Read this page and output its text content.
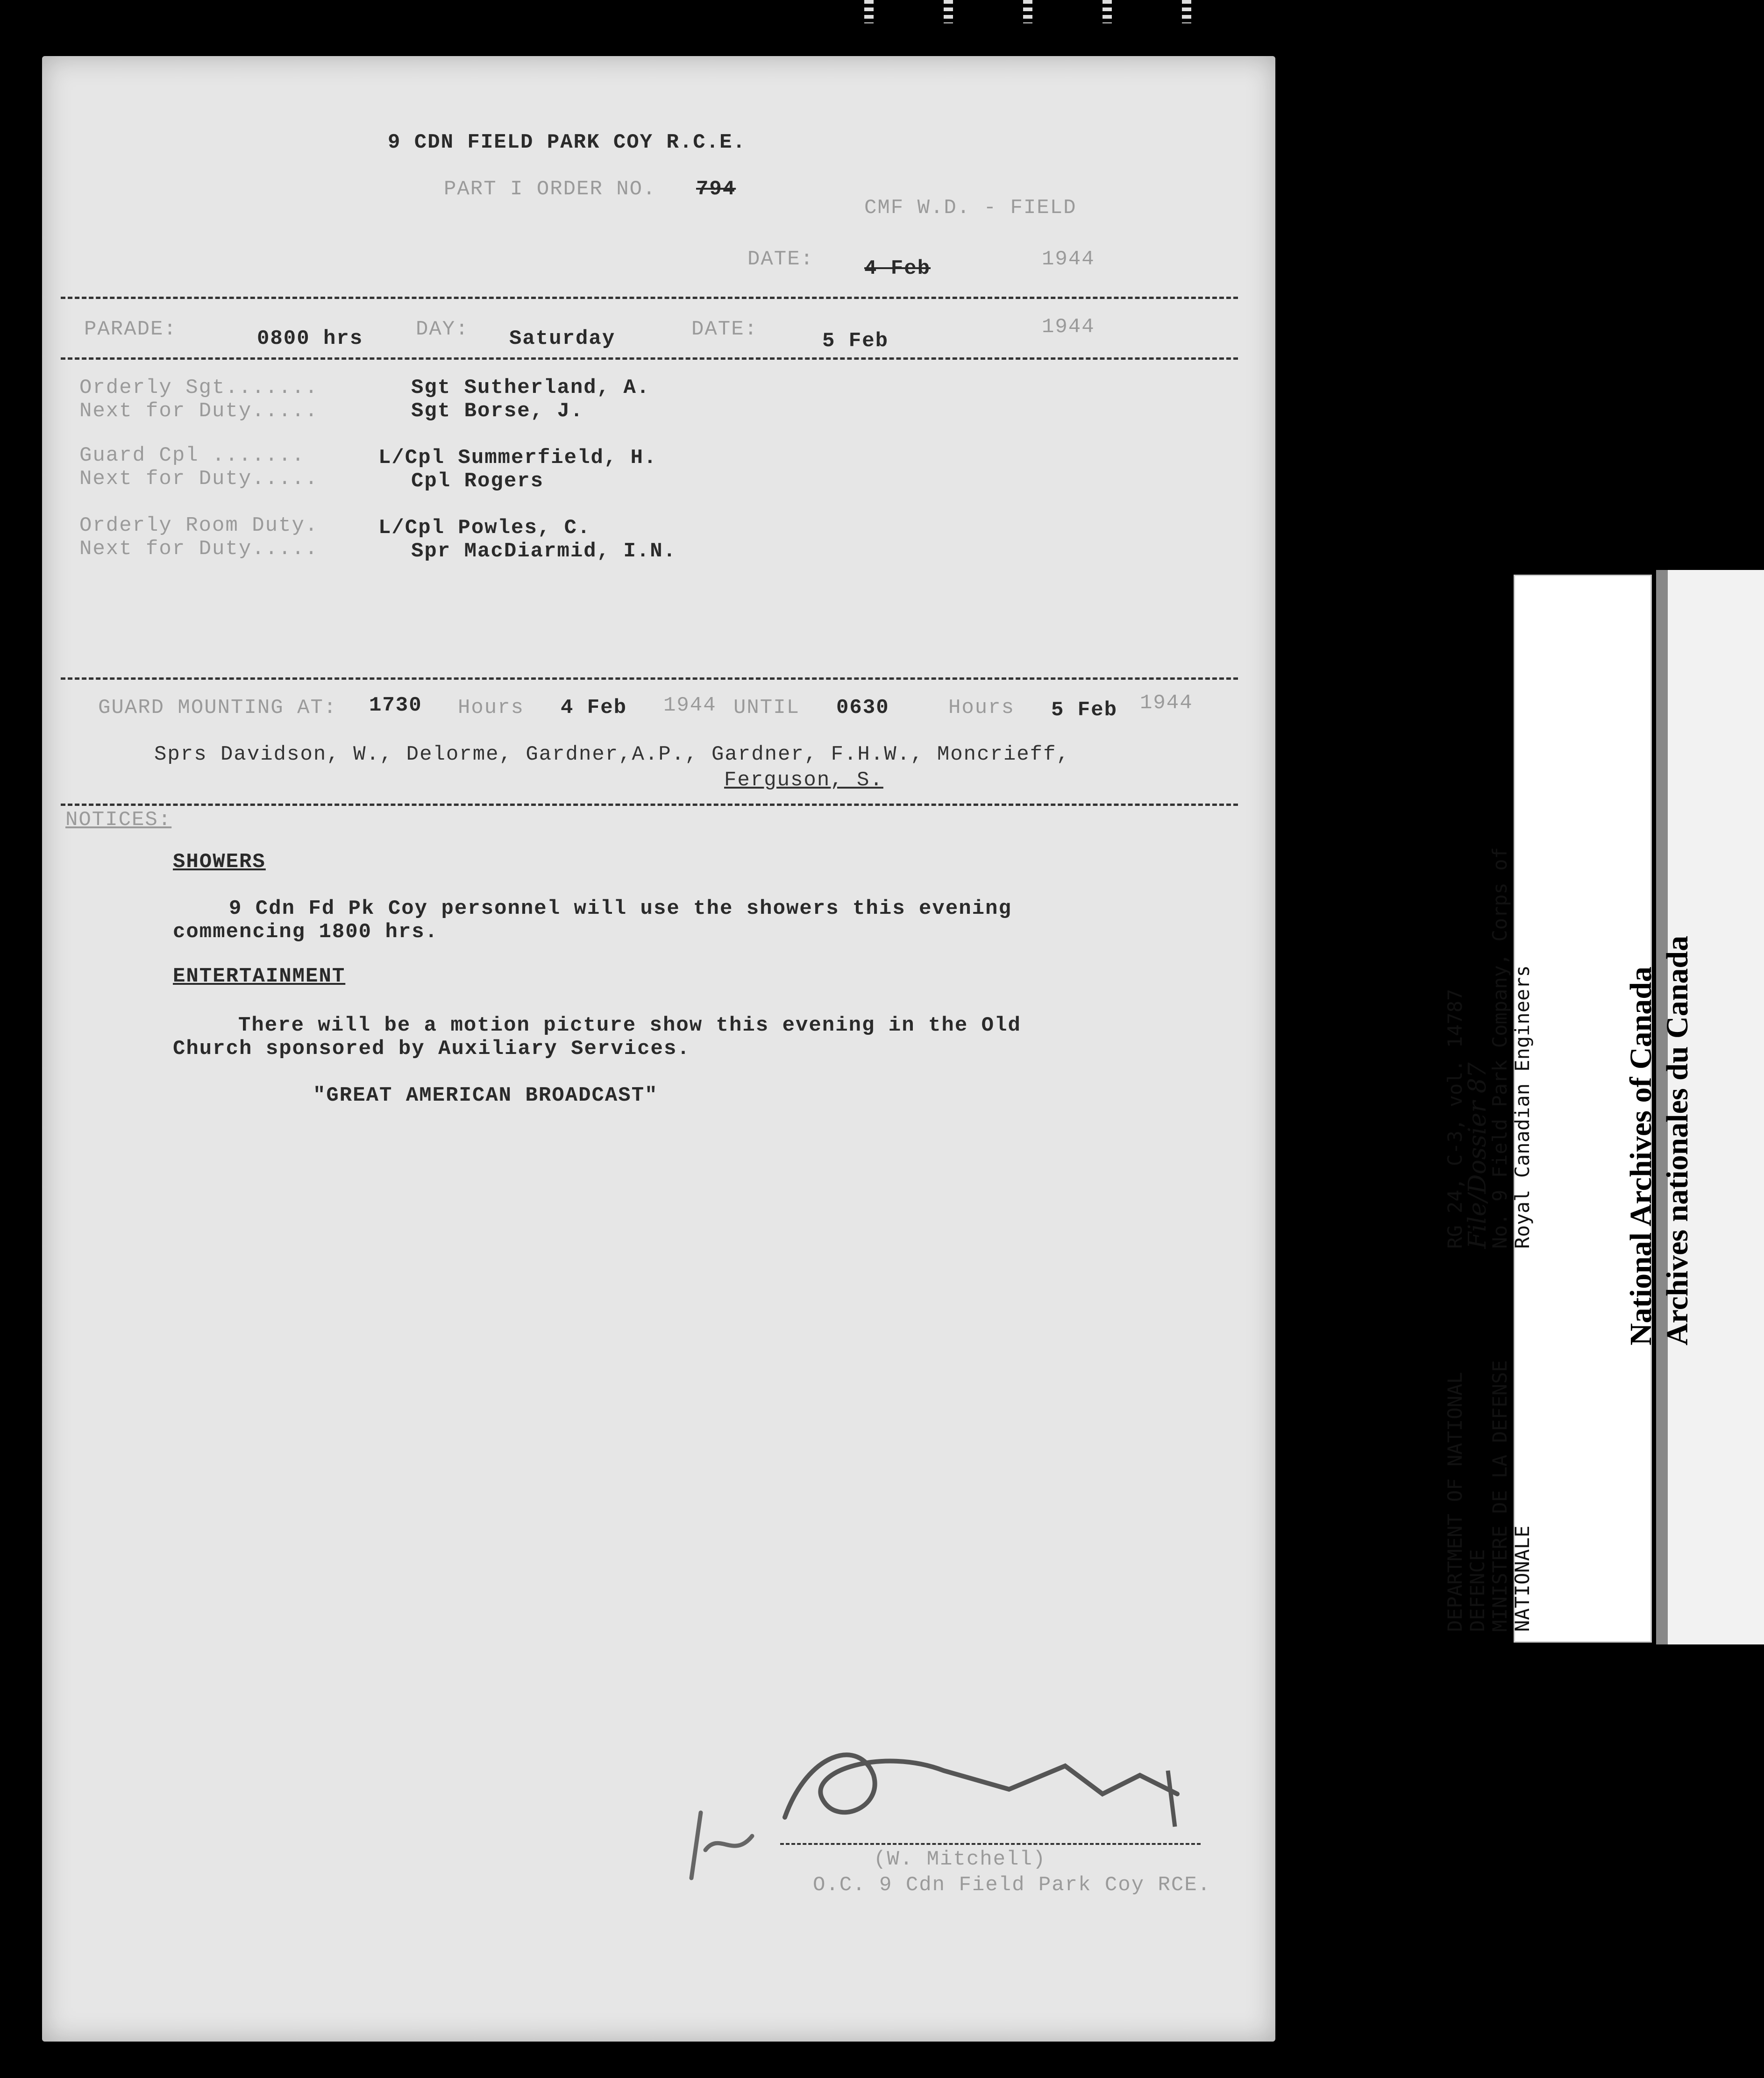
9 CDN FIELD PARK COY R.C.E.
PART I ORDER NO. 794
CMF W.D. - FIELD
DATE: 4 Feb	1944
PARADE:	0800 hrs	DAY: Saturday	DATE:	5 Feb
1944
Orderly Sgt.......	Sgt Sutherland, A.
Next for Duty.....	Sgt Borse, J.
Guard Cpl .......	L/Cpl Summerfield, H.
Next for Duty.....	Cpl Rogers
Orderly Room Duty.	L/Cpl Powles, C.
Next for Duty.....	Spr MacDiarmid, I.N.
GUARD MOUNTING AT: 1730 Hours 4 Feb 1944 UNTIL 0630	Hours 5 Feb 1944
Sprs Davidson, W., Delorme, Gardner,A.P., Gardner, F.H.W., Moncrieff,
Ferguson, S.
NOTICES:
SHOWERS
9 Cdn Fd Pk Coy personnel will use the showers this evening
commencing 1800 hrs.
ENTERTAINMENT
There will be a motion picture show this evening in the Old
Church sponsored by Auxiliary Services.
"GREAT AMERICAN BROADCAST"
(W. Mitchell)
O.C. 9 Cdn Field Park Coy RCE.
DEPARTMENT OF NATIONAL DEFENCE MINISTERE DE LA DEFENSE NATIONALE
RG 24, C-3, vol. 14787
File/Dossier 87
No. 9 Field Park Company, Corps of Royal Canadian Engineers	National Archives of Canada Archives nationales du Canada
